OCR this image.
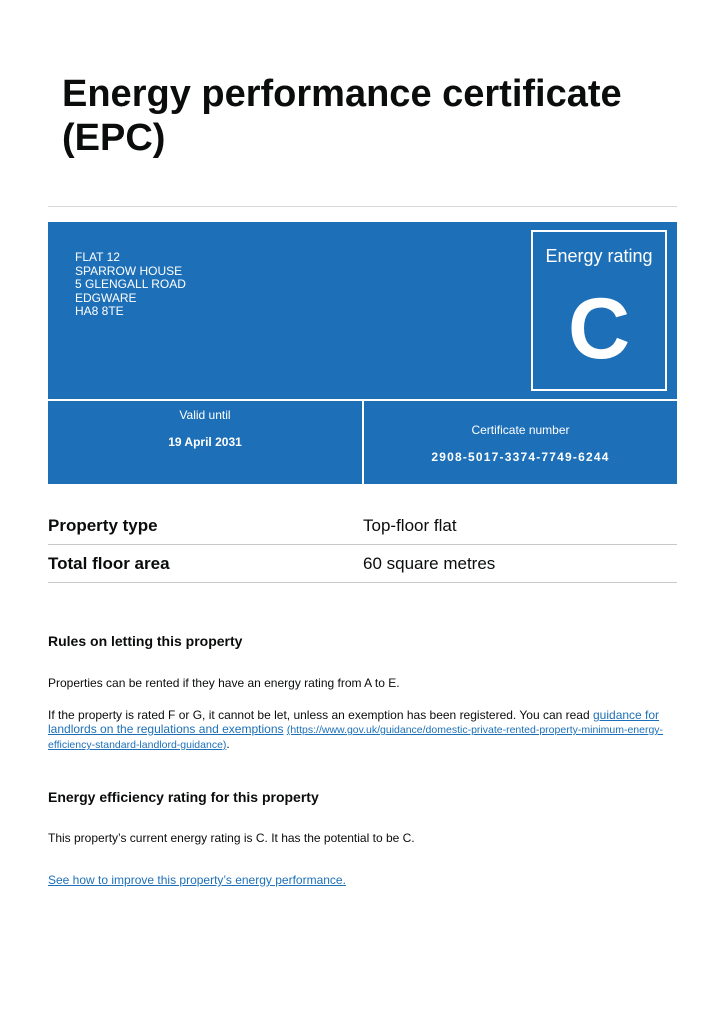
Energy performance certificate
(EPC)
FLAT 12
SPARROW HOUSE
5 GLENGALL ROAD
EDGWARE
HA8 8TE
Energy rating
C
Valid until
19 April 2031
Certificate number
2908-5017-3374-7749-6244
Property type	Top-floor flat
Total floor area	60 square metres
Rules on letting this property

Properties can be rented if they have an energy rating from A to E.

If the property is rated F or G, it cannot be let, unless an exemption has been registered. You can read guidance for landlords on the regulations and exemptions (https://www.gov.uk/guidance/domestic-private-rented-property-minimum-energy-efficiency-standard-landlord-guidance).

Energy efficiency rating for this property

This property’s current energy rating is C. It has the potential to be C.

See how to improve this property’s energy performance.
